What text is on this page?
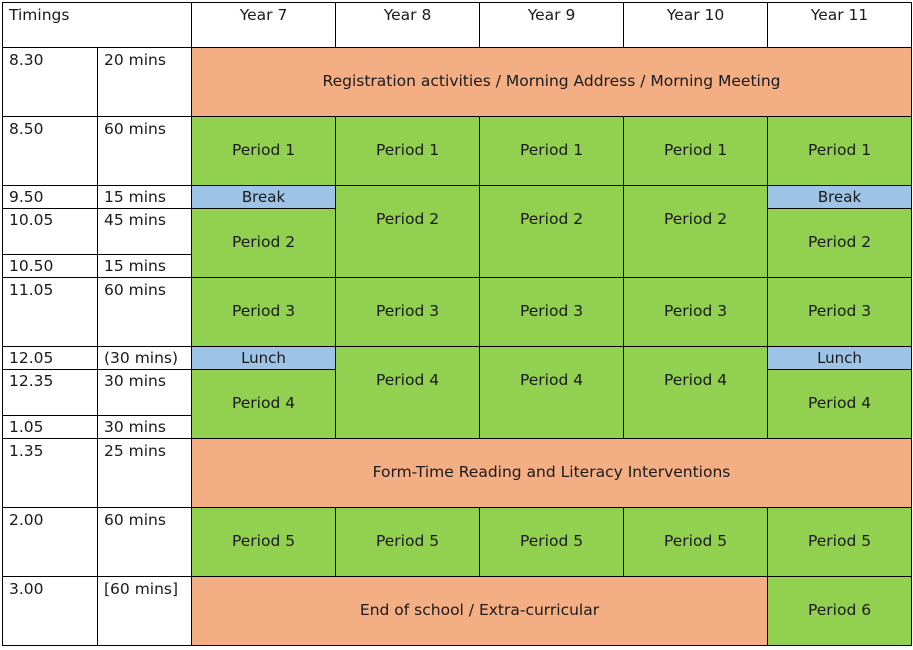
Timings		Year 7	Year 8	Year 9	Year 10	Year 11
8.30	20 mins	Registration activities / Morning Address / Morning Meeting				
8.50	60 mins	Period 1	Period 1	Period 1	Period 1	Period 1
9.50	15 mins	Break	Period 2	Period 2	Period 2	Break
10.05	45 mins	Period 2				Period 2
10.50	15 mins					
11.05	60 mins	Period 3	Period 3	Period 3	Period 3	Period 3
12.05	(30 mins)	Lunch	Period 4	Period 4	Period 4	Lunch
12.35	30 mins	Period 4				Period 4
1.05	30 mins					
1.35	25 mins	Form-Time Reading and Literacy Interventions				
2.00	60 mins	Period 5	Period 5	Period 5	Period 5	Period 5
3.00	[60 mins]	End of school / Extra-curricular				Period 6
